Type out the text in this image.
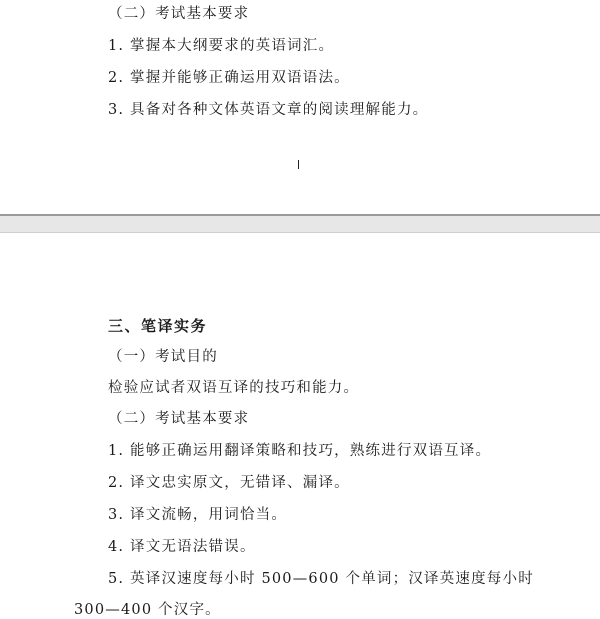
（二）考试基本要求
1. 掌握本大纲要求的英语词汇。
2. 掌握并能够正确运用双语语法。
3. 具备对各种文体英语文章的阅读理解能力。
三、笔译实务
（一）考试目的
检验应试者双语互译的技巧和能力。
（二）考试基本要求
1. 能够正确运用翻译策略和技巧，熟练进行双语互译。
2. 译文忠实原文，无错译、漏译。
3. 译文流畅，用词恰当。
4. 译文无语法错误。
5. 英译汉速度每小时 500—600 个单词；汉译英速度每小时
300—400 个汉字。
